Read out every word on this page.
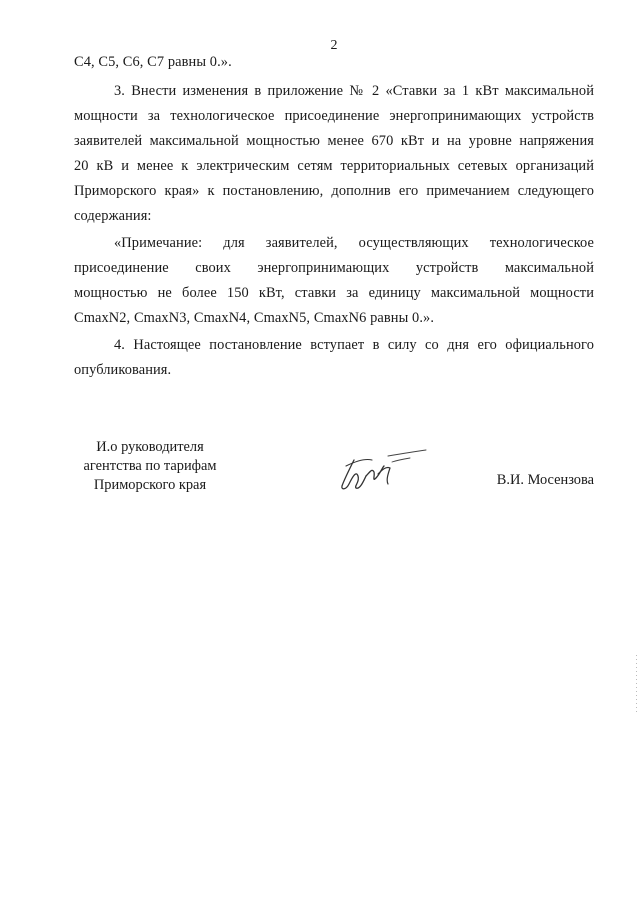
2
C4, C5, C6, C7 равны 0.».
3. Внести изменения в приложение № 2 «Ставки за 1 кВт максимальной
мощности за технологическое присоединение энергопринимающих устройств
заявителей максимальной мощностью менее 670 кВт и на уровне напряжения
20 кВ и менее к электрическим сетям территориальных сетевых организаций
Приморского края» к постановлению, дополнив его примечанием следующего
содержания:
«Примечание: для заявителей, осуществляющих технологическое
присоединение своих энергопринимающих устройств максимальной
мощностью не более 150 кВт, ставки за единицу максимальной мощности
CmaxN2, CmaxN3, CmaxN4, CmaxN5, CmaxN6 равны 0.».
4. Настоящее постановление вступает в силу со дня его официального
опубликования.
И.о руководителя
агентства по тарифам
Приморского края	В.И. Мосензова
